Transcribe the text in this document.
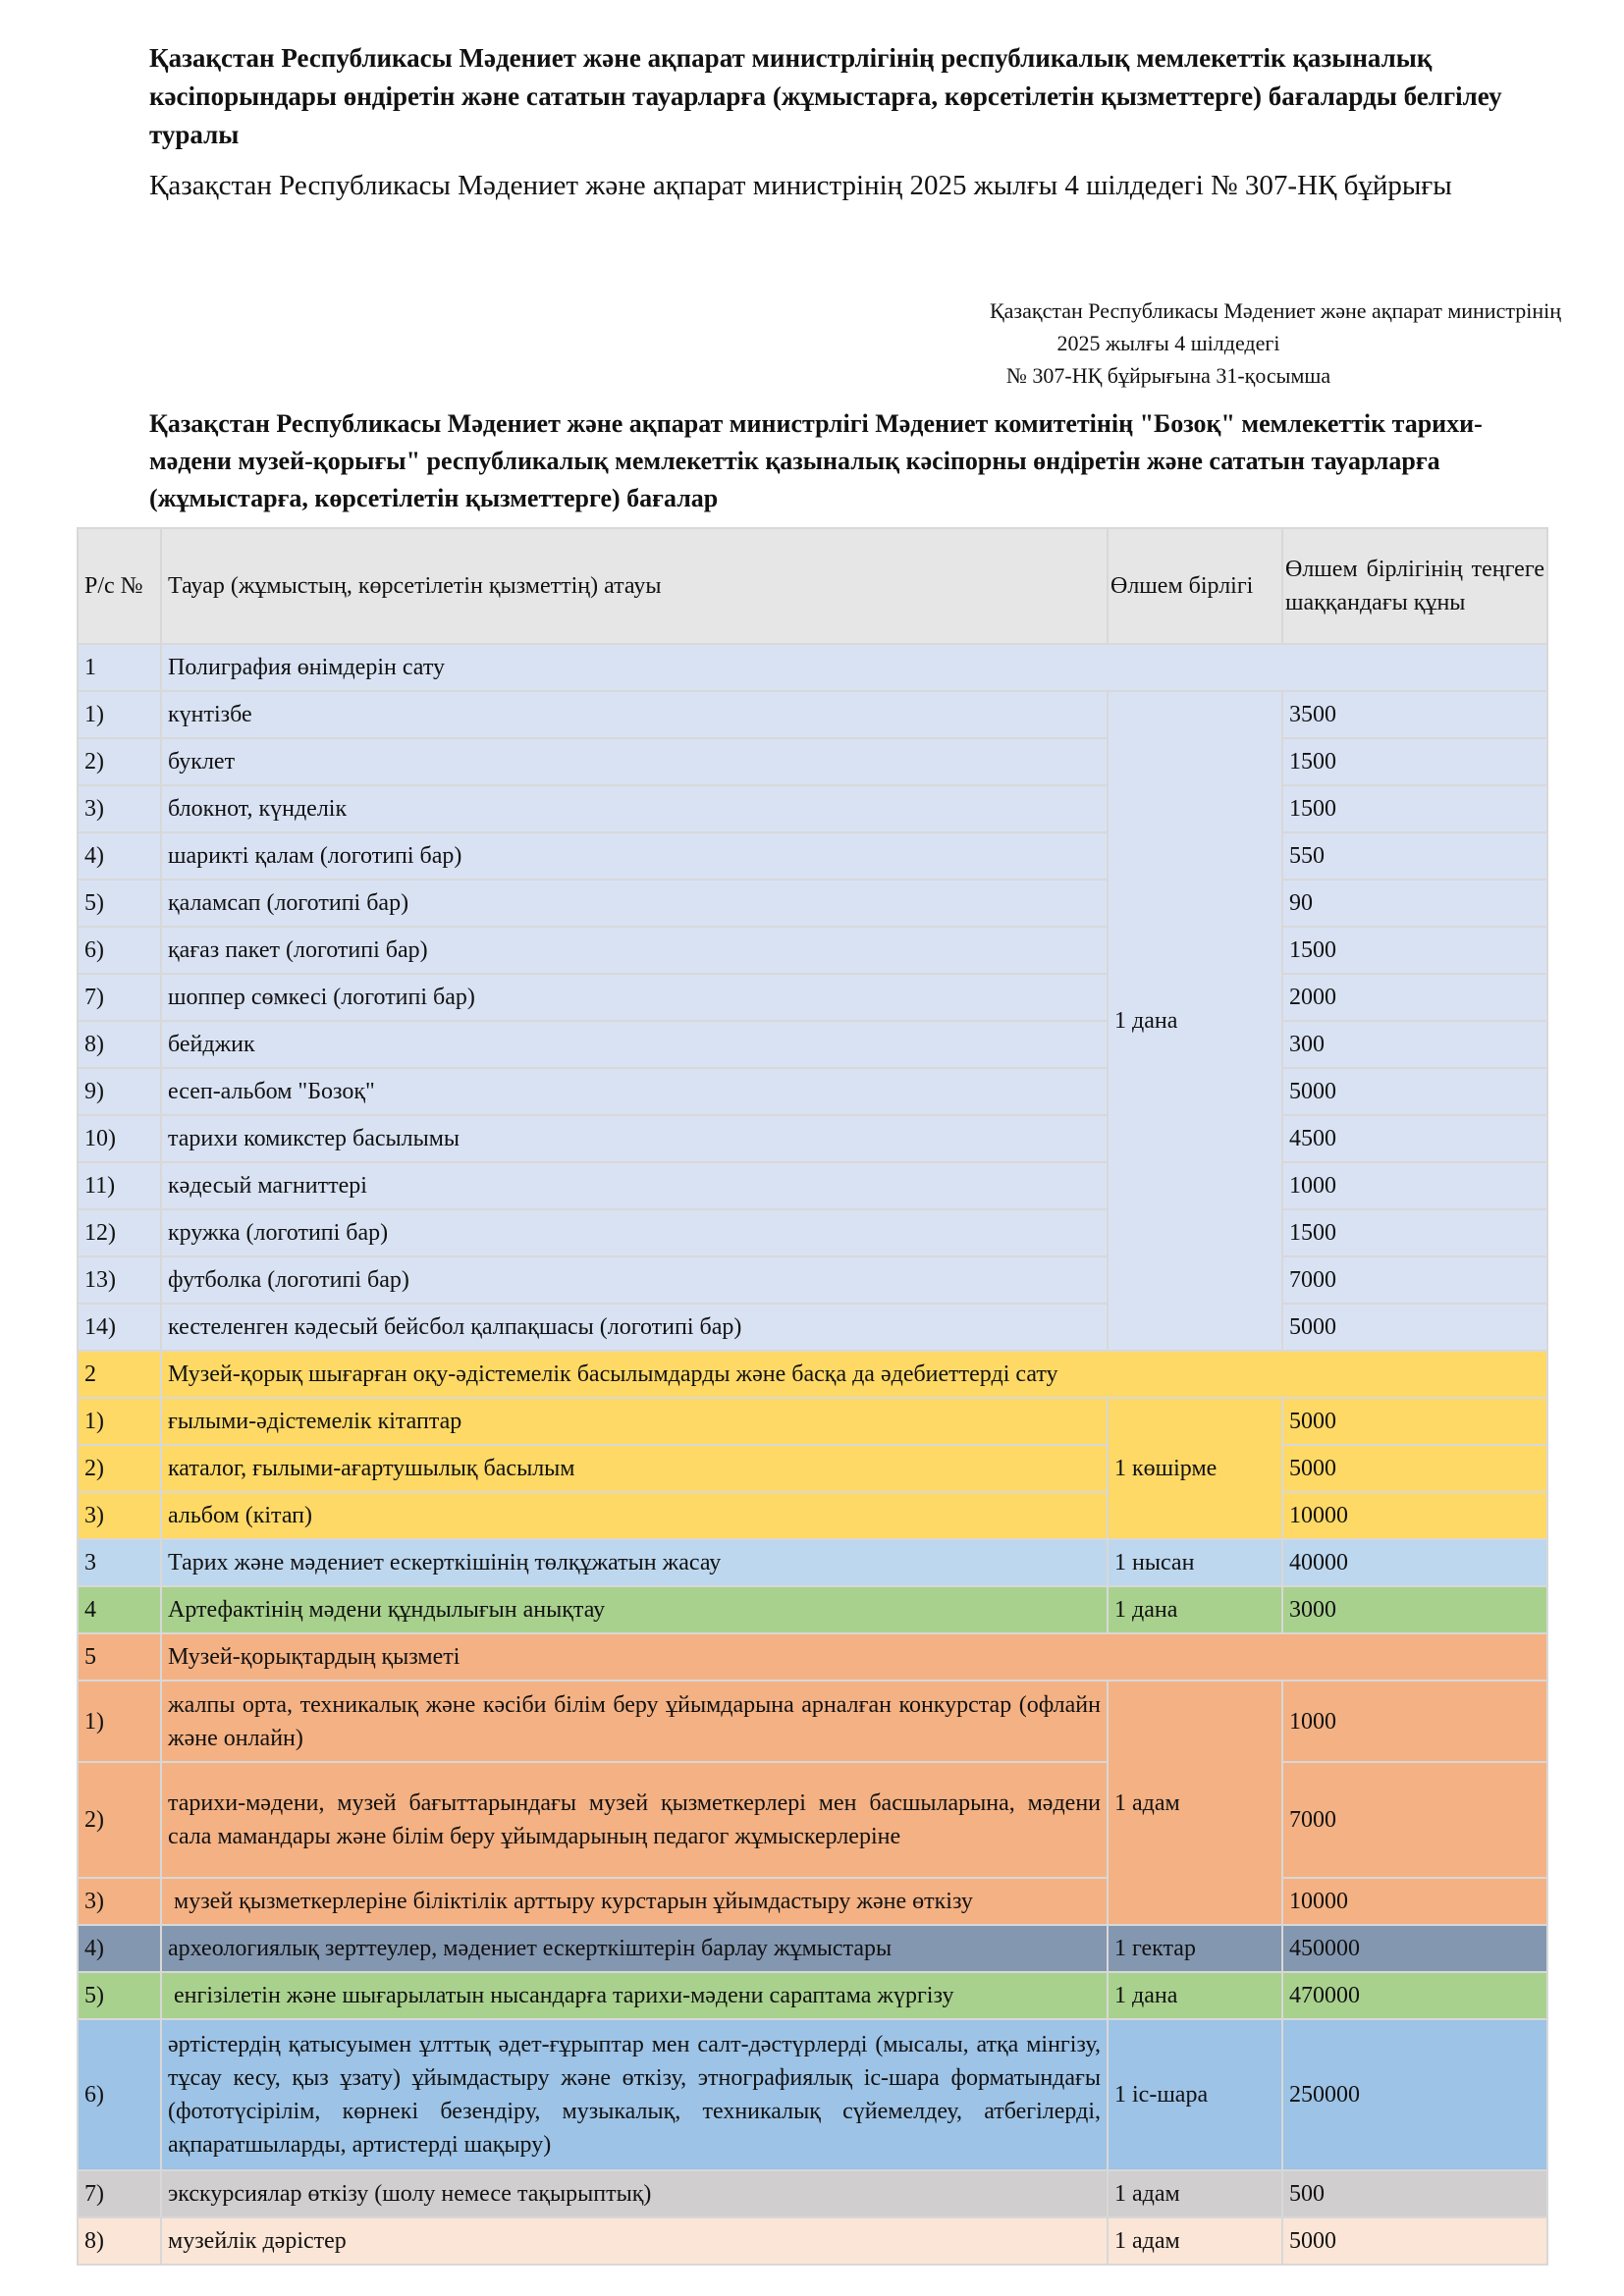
Қазақстан Республикасы Мәдениет және ақпарат министрлігінің республикалық мемлекеттік қазыналық кәсіпорындары өндіретін және сататын тауарларға (жұмыстарға, көрсетілетін қызметтерге) бағаларды белгілеу туралы
Қазақстан Республикасы Мәдениет және ақпарат министрінің 2025 жылғы 4 шілдедегі № 307-НҚ бұйрығы
Қазақстан Республикасы Мәдениет және ақпарат министрінің
2025 жылғы 4 шілдедегі
№ 307-НҚ бұйрығына 31-қосымша
Қазақстан Республикасы Мәдениет және ақпарат министрлігі Мәдениет комитетінің "Бозоқ" мемлекеттік тарихи-мәдени музей-қорығы" республикалық мемлекеттік қазыналық кәсіпорны өндіретін және сататын тауарларға (жұмыстарға, көрсетілетін қызметтерге) бағалар
Р/с №	Тауар (жұмыстың, көрсетілетін қызметтің) атауы	Өлшем бірлігі	Өлшем бірлігінің теңгеге шаққандағы құны
1	Полиграфия өнімдерін сату		
1)	күнтізбе	1 дана	3500
2)	буклет		1500
3)	блокнот, күнделік		1500
4)	шарикті қалам (логотипі бар)		550
5)	қаламсап (логотипі бар)		90
6)	қағаз пакет (логотипі бар)		1500
7)	шоппер сөмкесі (логотипі бар)		2000
8)	бейджик		300
9)	есеп-альбом "Бозоқ"		5000
10)	тарихи комикстер басылымы		4500
11)	кәдесый магниттері		1000
12)	кружка (логотипі бар)		1500
13)	футболка (логотипі бар)		7000
14)	кестеленген кәдесый бейсбол қалпақшасы (логотипі бар)		5000
2	Музей-қорық шығарған оқу-әдістемелік басылымдарды және басқа да әдебиеттерді сату		
1)	ғылыми-әдістемелік кітаптар	1 көшірме	5000
2)	каталог, ғылыми-ағартушылық басылым		5000
3)	альбом (кітап)		10000
3	Тарих және мәдениет ескерткішінің төлқұжатын жасау	1 нысан	40000
4	Артефактінің мәдени құндылығын анықтау	1 дана	3000
5	Музей-қорықтардың қызметі		
1)	жалпы орта, техникалық және кәсіби білім беру ұйымдарына арналған конкурстар (офлайн және онлайн)	1 адам	1000
2)	тарихи-мәдени, музей бағыттарындағы музей қызметкерлері мен басшыларына, мәдени сала мамандары және білім беру ұйымдарының педагог жұмыскерлеріне		7000
3)	музей қызметкерлеріне біліктілік арттыру курстарын ұйымдастыру және өткізу		10000
4)	археологиялық зерттеулер, мәдениет ескерткіштерін барлау жұмыстары	1 гектар	450000
5)	енгізілетін және шығарылатын нысандарға тарихи-мәдени сараптама жүргізу	1 дана	470000
6)	әртістердің қатысуымен ұлттық әдет-ғұрыптар мен салт-дәстүрлерді (мысалы, атқа мінгізу, тұсау кесу, қыз ұзату) ұйымдастыру және өткізу, этнографиялық іс-шара форматындағы (фототүсірілім, көрнекі безендіру, музыкалық, техникалық сүйемелдеу, атбегілерді, ақпаратшыларды, артистерді шақыру)	1 іс-шара	250000
7)	экскурсиялар өткізу (шолу немесе тақырыптық)	1 адам	500
8)	музейлік дәрістер	1 адам	5000
